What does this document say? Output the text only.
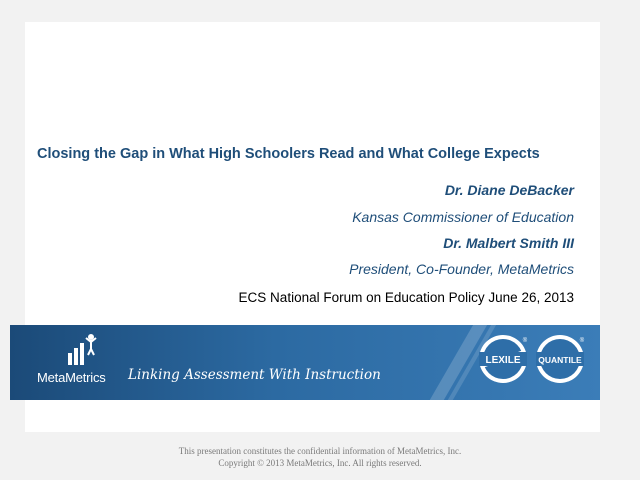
Closing the Gap in What High Schoolers Read and What College Expects
Dr. Diane DeBacker
Kansas Commissioner of Education
Dr. Malbert Smith III
President, Co-Founder, MetaMetrics
ECS National Forum on Education Policy June 26, 2013
MetaMetrics Linking Assessment With Instruction
LEXILE
®
QUANTILE
®
This presentation constitutes the confidential information of MetaMetrics, Inc.
Copyright © 2013 MetaMetrics, Inc. All rights reserved.
